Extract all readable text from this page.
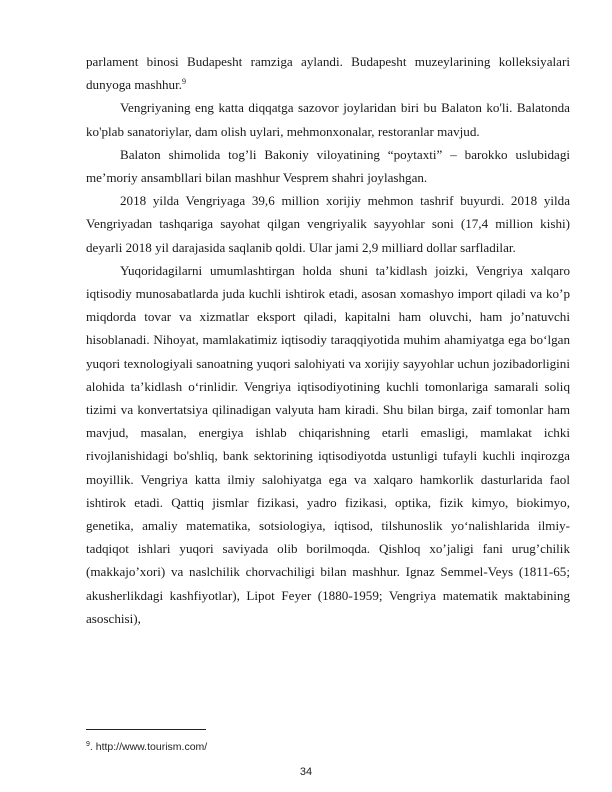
parlament binosi Budapesht ramziga aylandi. Budapesht muzeylarining kolleksiyalari dunyoga mashhur.$^9$

Vengriyaning eng katta diqqatga sazovor joylaridan biri bu Balaton ko'li. Balatonda ko'plab sanatoriylar, dam olish uylari, mehmonxonalar, restoranlar mavjud.

Balaton shimolida tog’li Bakoniy viloyatining “poytaxti” – barokko uslubidagi me’moriy ansambllari bilan mashhur Vesprem shahri joylashgan.

2018 yilda Vengriyaga 39,6 million xorijiy mehmon tashrif buyurdi. 2018 yilda Vengriyadan tashqariga sayohat qilgan vengriyalik sayyohlar soni (17,4 million kishi) deyarli 2018 yil darajasida saqlanib qoldi. Ular jami 2,9 milliard dollar sarfladilar.

Yuqoridagilarni umumlashtirgan holda shuni ta’kidlash joizki, Vengriya xalqaro iqtisodiy munosabatlarda juda kuchli ishtirok etadi, asosan xomashyo import qiladi va ko’p miqdorda tovar va xizmatlar eksport qiladi, kapitalni ham oluvchi, ham jo’natuvchi hisoblanadi. Nihoyat, mamlakatimiz iqtisodiy taraqqiyotida muhim ahamiyatga ega bo‘lgan yuqori texnologiyali sanoatning yuqori salohiyati va xorijiy sayyohlar uchun jozibadorligini alohida ta’kidlash o‘rinlidir. Vengriya iqtisodiyotining kuchli tomonlariga samarali soliq tizimi va konvertatsiya qilinadigan valyuta ham kiradi. Shu bilan birga, zaif tomonlar ham mavjud, masalan, energiya ishlab chiqarishning etarli emasligi, mamlakat ichki rivojlanishidagi bo'shliq, bank sektorining iqtisodiyotda ustunligi tufayli kuchli inqirozga moyillik. Vengriya katta ilmiy salohiyatga ega va xalqaro hamkorlik dasturlarida faol ishtirok etadi. Qattiq jismlar fizikasi, yadro fizikasi, optika, fizik kimyo, biokimyo, genetika, amaliy matematika, sotsiologiya, iqtisod, tilshunoslik yo‘nalishlarida ilmiy-tadqiqot ishlari yuqori saviyada olib borilmoqda. Qishloq xo’jaligi fani urug’chilik (makkajo’xori) va naslchilik chorvachiligi bilan mashhur. Ignaz Semmel-Veys (1811-65; akusherlikdagi kashfiyotlar), Lipot Feyer (1880-1959; Vengriya matematik maktabining asoschisi),

$^9$. http://www.tourism.com/
34
